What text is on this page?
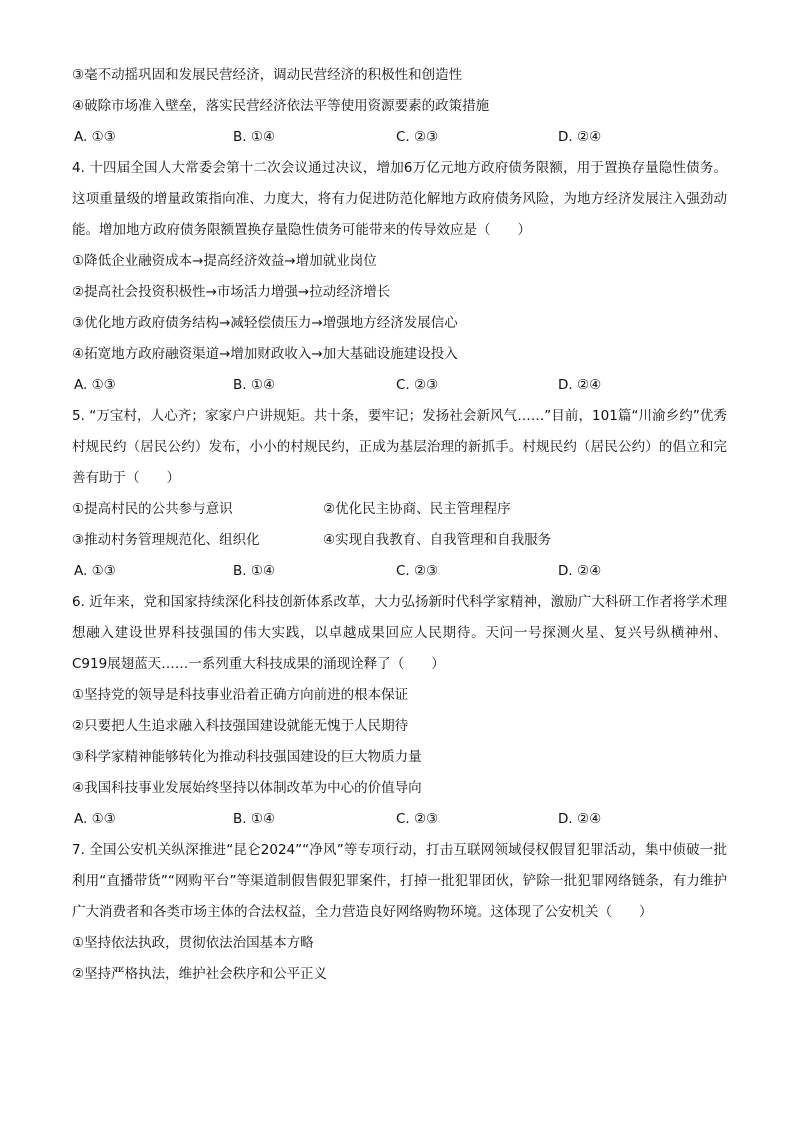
③毫不动摇巩固和发展民营经济，调动民营经济的积极性和创造性
④破除市场准入壁垒，落实民营经济依法平等使用资源要素的政策措施
A. ①③	B. ①④	C. ②③	D. ②④
4. 十四届全国人大常委会第十二次会议通过决议，增加6万亿元地方政府债务限额，用于置换存量隐性债务。这项重量级的增量政策指向准、力度大，将有力促进防范化解地方政府债务风险，为地方经济发展注入强劲动能。增加地方政府债务限额置换存量隐性债务可能带来的传导效应是（　　）
①降低企业融资成本→提高经济效益→增加就业岗位
②提高社会投资积极性→市场活力增强→拉动经济增长
③优化地方政府债务结构→减轻偿债压力→增强地方经济发展信心
④拓宽地方政府融资渠道→增加财政收入→加大基础设施建设投入
A. ①③	B. ①④	C. ②③	D. ②④
5. “万宝村，人心齐；家家户户讲规矩。共十条，要牢记；发扬社会新风气……”目前，101篇“川渝乡约”优秀村规民约（居民公约）发布，小小的村规民约，正成为基层治理的新抓手。村规民约（居民公约）的倡立和完善有助于（　　）
①提高村民的公共参与意识	②优化民主协商、民主管理程序
③推动村务管理规范化、组织化	④实现自我教育、自我管理和自我服务
A. ①③	B. ①④	C. ②③	D. ②④
6. 近年来，党和国家持续深化科技创新体系改革，大力弘扬新时代科学家精神，激励广大科研工作者将学术理想融入建设世界科技强国的伟大实践，以卓越成果回应人民期待。天问一号探测火星、复兴号纵横神州、C919展翅蓝天……一系列重大科技成果的涌现诠释了（　　）
①坚持党的领导是科技事业沿着正确方向前进的根本保证
②只要把人生追求融入科技强国建设就能无愧于人民期待
③科学家精神能够转化为推动科技强国建设的巨大物质力量
④我国科技事业发展始终坚持以体制改革为中心的价值导向
A. ①③	B. ①④	C. ②③	D. ②④
7. 全国公安机关纵深推进“昆仑2024”“净风”等专项行动，打击互联网领域侵权假冒犯罪活动，集中侦破一批利用“直播带货”“网购平台”等渠道制假售假犯罪案件，打掉一批犯罪团伙，铲除一批犯罪网络链条，有力维护广大消费者和各类市场主体的合法权益，全力营造良好网络购物环境。这体现了公安机关（　　）
①坚持依法执政，贯彻依法治国基本方略
②坚持严格执法，维护社会秩序和公平正义
